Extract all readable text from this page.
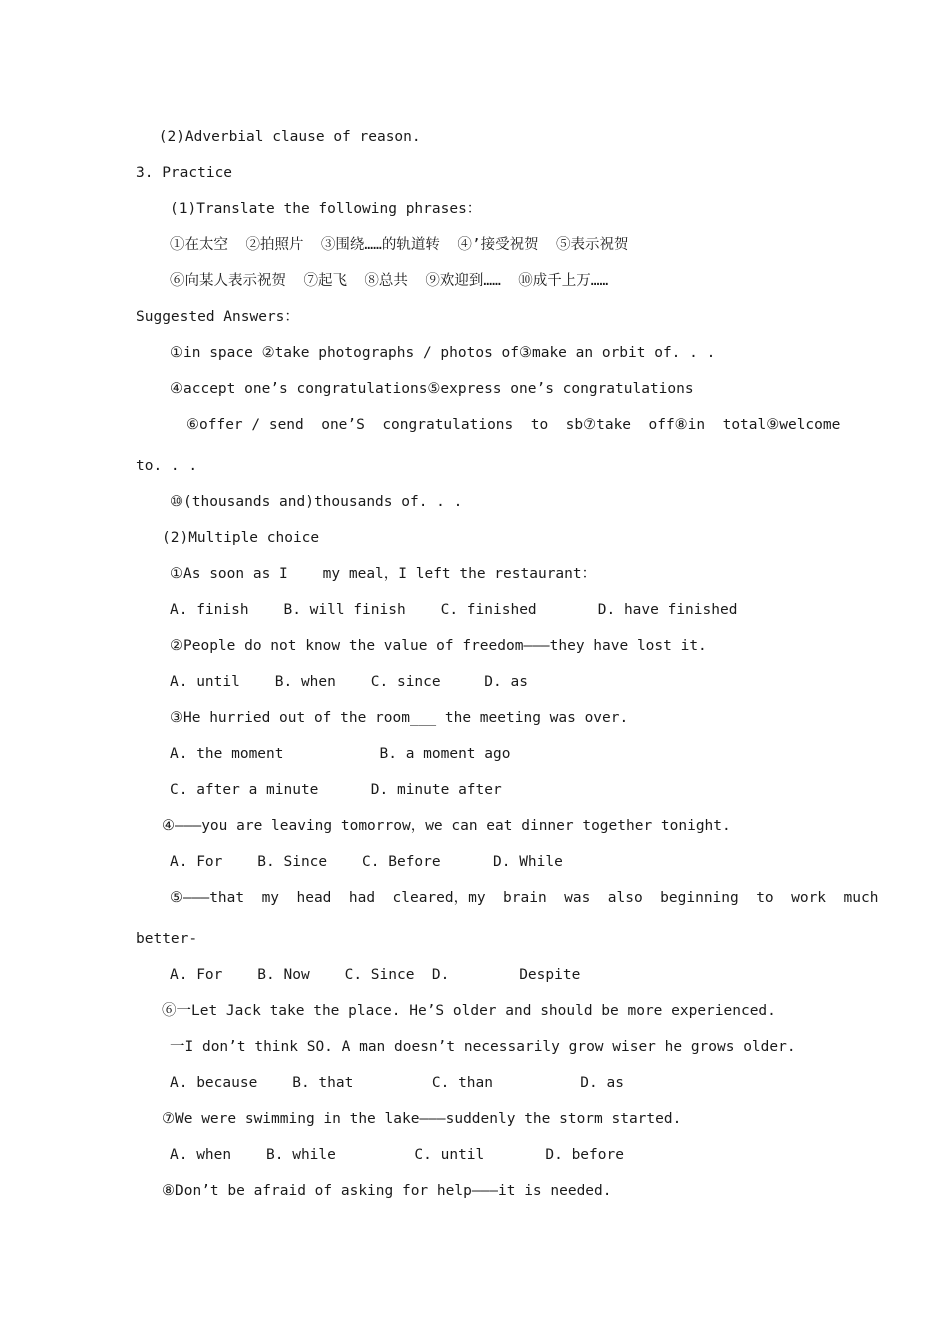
(2)Adverbial clause of reason.
3. Practice
(1)Translate the following phrases：
①在太空  ②拍照片  ③围绕……的轨道转  ④’接受祝贺  ⑤表示祝贺
⑥向某人表示祝贺  ⑦起飞  ⑧总共  ⑨欢迎到……  ⑩成千上万……
Suggested Answers：
①in space ②take photographs / photos of③make an orbit of. . .
④accept one’s congratulations⑤express one’s congratulations
⑥offer / send  one’S  congratulations  to  sb⑦take  off⑧in  total⑨welcome
to. . .
⑩(thousands and)thousands of. . .
(2)Multiple choice
①As soon as I    my meal，I left the restaurant：
A. finish    B. will finish    C. finished       D. have finished
②People do not know the value of freedom———they have lost it.
A. until    B. when    C. since     D. as
③He hurried out of the room___ the meeting was over.
A. the moment           B. a moment ago
C. after a minute      D. minute after
④———you are leaving tomorrow，we can eat dinner together tonight.
A. For    B. Since    C. Before      D. While
⑤———that  my  head  had  cleared，my  brain  was  also  beginning  to  work  much
better-
A. For    B. Now    C. Since  D.        Despite
⑥一Let Jack take the place. He’S older and should be more experienced.
一I don’t think SO. A man doesn’t necessarily grow wiser he grows older.
A. because    B. that         C. than          D. as
⑦We were swimming in the lake———suddenly the storm started.
A. when    B. while         C. until       D. before
⑧Don’t be afraid of asking for help———it is needed.
